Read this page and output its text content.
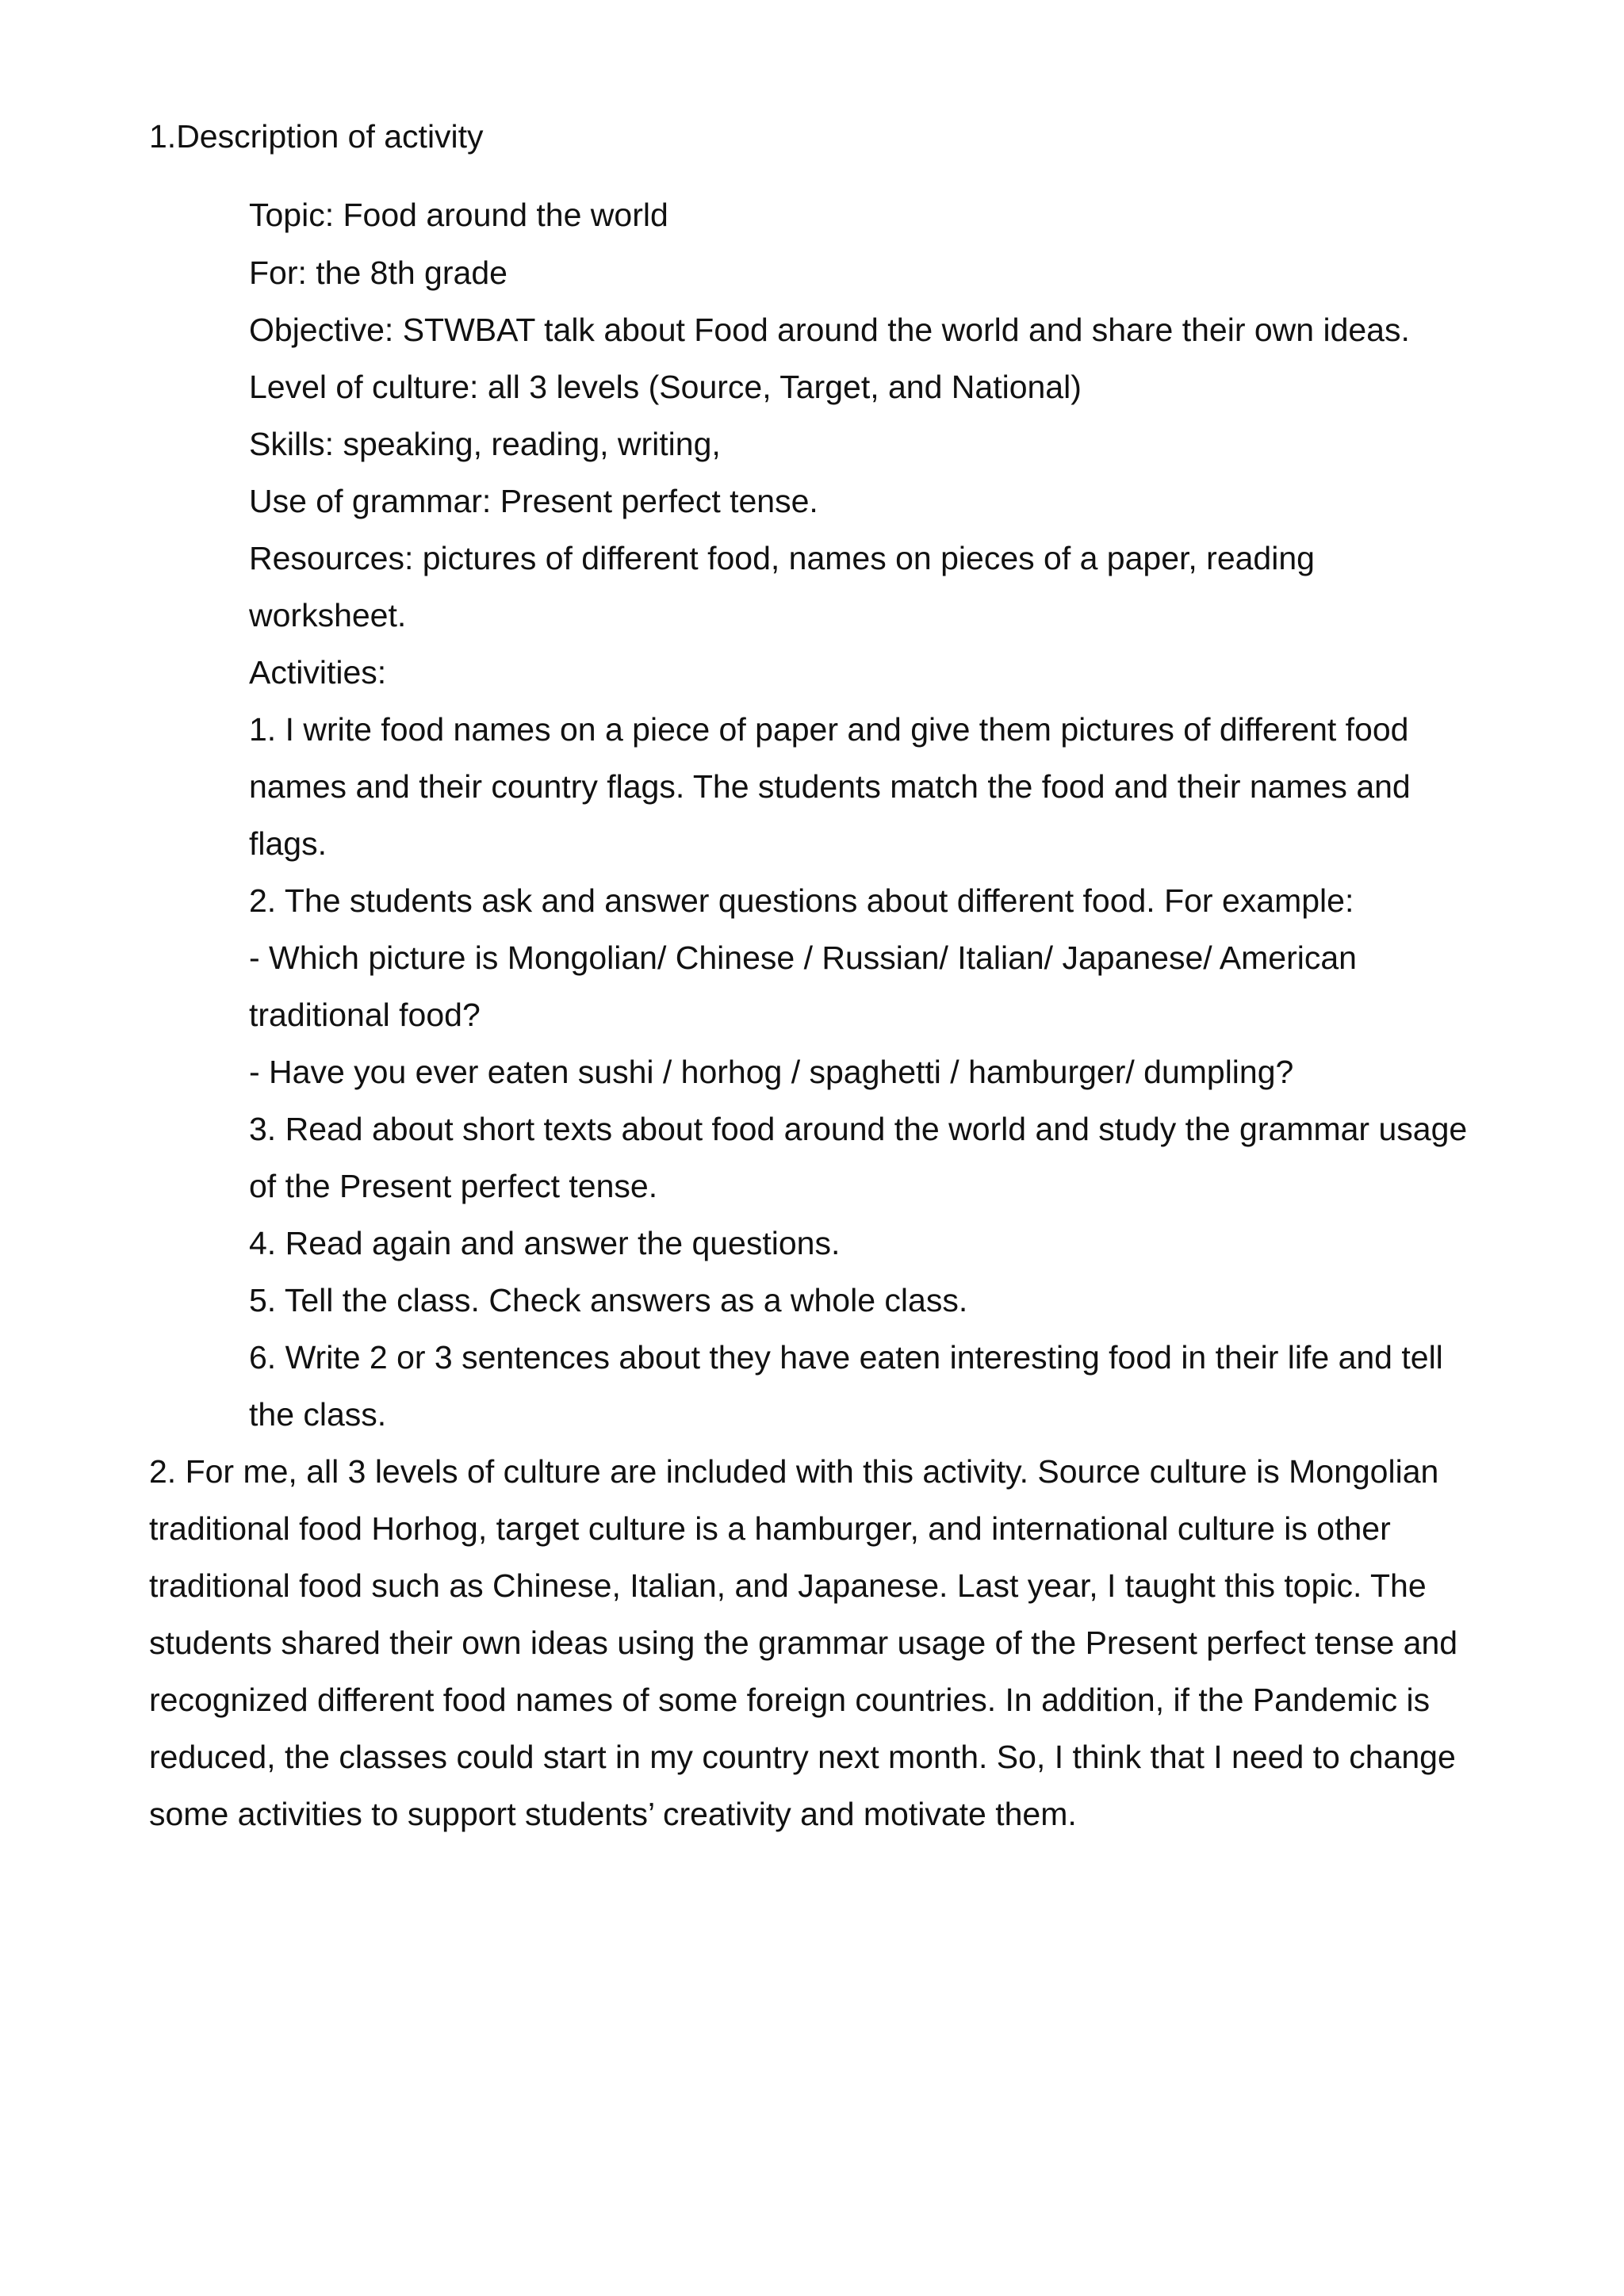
1.Description of activity

Topic: Food around the world

For: the 8th grade

Objective: STWBAT talk about Food around the world and share their own ideas.

Level of culture: all 3 levels (Source, Target, and National)

Skills: speaking, reading, writing,

Use of grammar: Present perfect tense.

Resources: pictures of different food, names on pieces of a paper, reading

worksheet.

Activities:

1. I write food names on a piece of paper and give them pictures of different food

names and their country flags. The students match the food and their names and

flags.

2. The students ask and answer questions about different food. For example:

- Which picture is Mongolian/ Chinese / Russian/ Italian/ Japanese/ American

traditional food?

- Have you ever eaten sushi / horhog / spaghetti / hamburger/ dumpling?

3. Read about short texts about food around the world and study the grammar usage

of the Present perfect tense.

4. Read again and answer the questions.

5. Tell the class. Check answers as a whole class.

6. Write 2 or 3 sentences about they have eaten interesting food in their life and tell

the class.

2. For me, all 3 levels of culture are included with this activity. Source culture is Mongolian

traditional food Horhog, target culture is a hamburger, and international culture is other

traditional food such as Chinese, Italian, and Japanese. Last year, I taught this topic. The

students shared their own ideas using the grammar usage of the Present perfect tense and

recognized different food names of some foreign countries. In addition, if the Pandemic is

reduced, the classes could start in my country next month. So, I think that I need to change

some activities to support students’ creativity and motivate them.
